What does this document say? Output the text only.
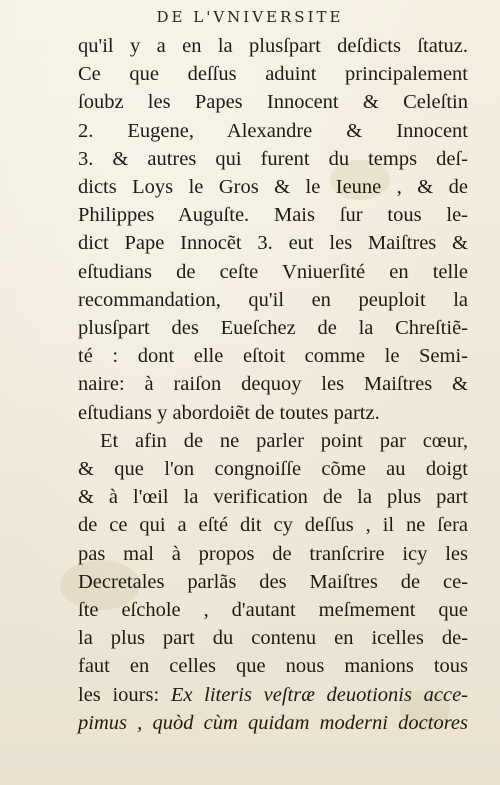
DE L'VNIVERSITE
qu'il y a en la plusſpart deſdicts ſtatuz.
Ce que deſſus aduint principalement
ſoubz les Papes Innocent & Celeſtin
2. Eugene, Alexandre & Innocent
3. & autres qui furent du temps deſ-
dicts Loys le Gros & le Ieune , & de
Philippes Auguſte. Mais ſur tous le-
dict Pape Innocẽt 3. eut les Maiſtres &
eſtudians de ceſte Vniuerſité en telle
recommandation, qu'il en peuploit la
plusſpart des Eueſchez de la Chreſtiẽ-
té : dont elle eſtoit comme le Semi-
naire: à raiſon dequoy les Maiſtres &
eſtudians y abordoiẽt de toutes partz.
Et afin de ne parler point par cœur,
& que l'on congnoiſſe cõme au doigt
& à l'œil la verification de la plus part
de ce qui a eſté dit cy deſſus , il ne ſera
pas mal à propos de tranſcrire icy les
Decretales parlãs des Maiſtres de ce-
ſte eſchole , d'autant meſmement que
la plus part du contenu en icelles de-
faut en celles que nous manions tous
les iours: Ex literis veſtræ deuotionis acce-
pimus , quòd cùm quidam moderni doctores
